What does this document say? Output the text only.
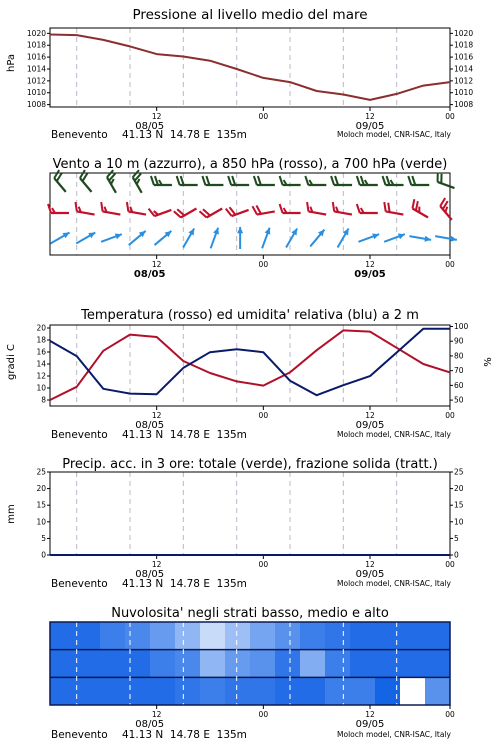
Pressione al livello medio del mare
hPa
12	00	12	00
08/05	09/05
1008	1008
1010	1010
1012	1012
1014	1014
1016	1016
1018	1018
1020	1020
Benevento 41.13 N  14.78 E  135m	Moloch model, CNR-ISAC, Italy
Vento a 10 m (azzurro), a 850 hPa (rosso), a 700 hPa (verde)
12	00	12	00
08/05	09/05
Temperatura (rosso) ed umidita' relativa (blu) a 2 m
gradi C	%
12	00	12	00
08/05	09/05
8
10
12
14
16
18
20
50
60
70
80
90
100
Benevento 41.13 N  14.78 E  135m	Moloch model, CNR-ISAC, Italy
Precip. acc. in 3 ore: totale (verde), frazione solida (tratt.)
mm
12	00	12	00
08/05	09/05
0	0
5	5
10	10
15	15
20	20
25	25
Benevento 41.13 N  14.78 E  135m	Moloch model, CNR-ISAC, Italy
Nuvolosita' negli strati basso, medio e alto
12	00	12	00
08/05	09/05
Benevento 41.13 N  14.78 E  135m	Moloch model, CNR-ISAC, Italy
